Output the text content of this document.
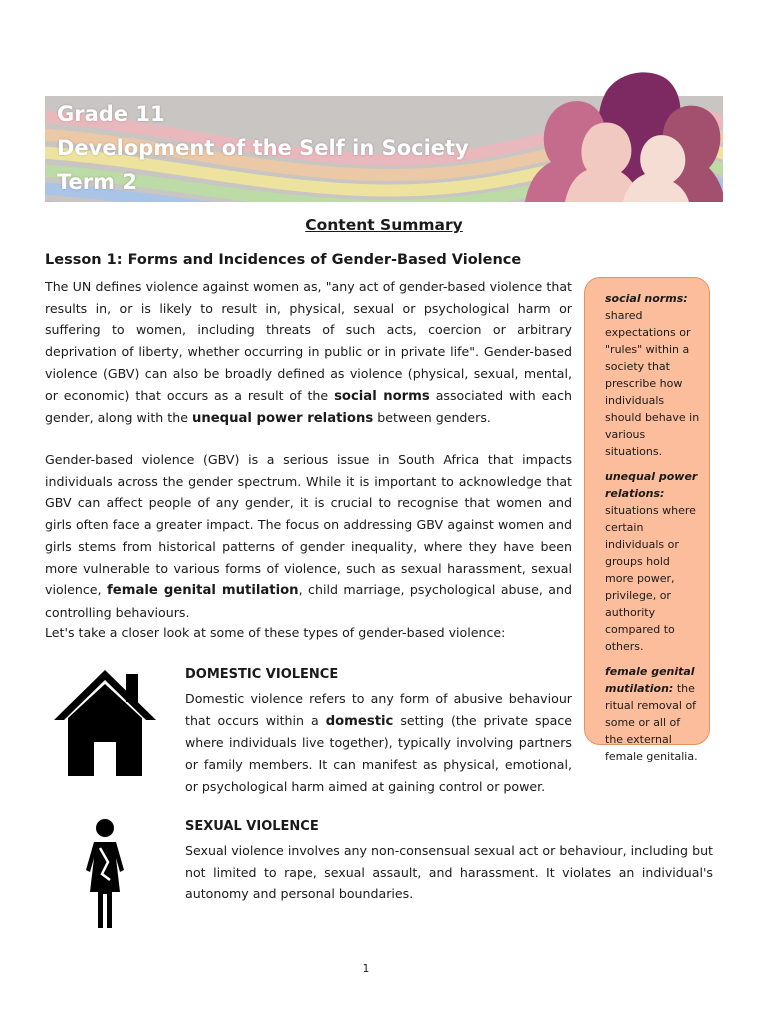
Grade 11
Development of the Self in Society
Term 2
Content Summary
Lesson 1: Forms and Incidences of Gender-Based Violence
The UN defines violence against women as, "any act of gender-based violence that results in, or is likely to result in, physical, sexual or psychological harm or suffering to women, including threats of such acts, coercion or arbitrary deprivation of liberty, whether occurring in public or in private life". Gender-based violence (GBV) can also be broadly defined as violence (physical, sexual, mental, or economic) that occurs as a result of the social norms associated with each gender, along with the unequal power relations between genders.
Gender-based violence (GBV) is a serious issue in South Africa that impacts individuals across the gender spectrum. While it is important to acknowledge that GBV can affect people of any gender, it is crucial to recognise that women and girls often face a greater impact. The focus on addressing GBV against women and girls stems from historical patterns of gender inequality, where they have been more vulnerable to various forms of violence, such as sexual harassment, sexual violence, female genital mutilation, child marriage, psychological abuse, and controlling behaviours.
Let's take a closer look at some of these types of gender-based violence:

social norms:
shared expectations or "rules" within a society that prescribe how individuals should behave in various situations.

unequal power relations:
situations where certain individuals or groups hold more power, privilege, or authority compared to others.

female genital mutilation: the ritual removal of some or all of the external female genitalia.

DOMESTIC VIOLENCE
Domestic violence refers to any form of abusive behaviour that occurs within a domestic setting (the private space where individuals live together), typically involving partners or family members. It can manifest as physical, emotional, or psychological harm aimed at gaining control or power.
SEXUAL VIOLENCE
Sexual violence involves any non-consensual sexual act or behaviour, including but not limited to rape, sexual assault, and harassment. It violates an individual's autonomy and personal boundaries.
1
